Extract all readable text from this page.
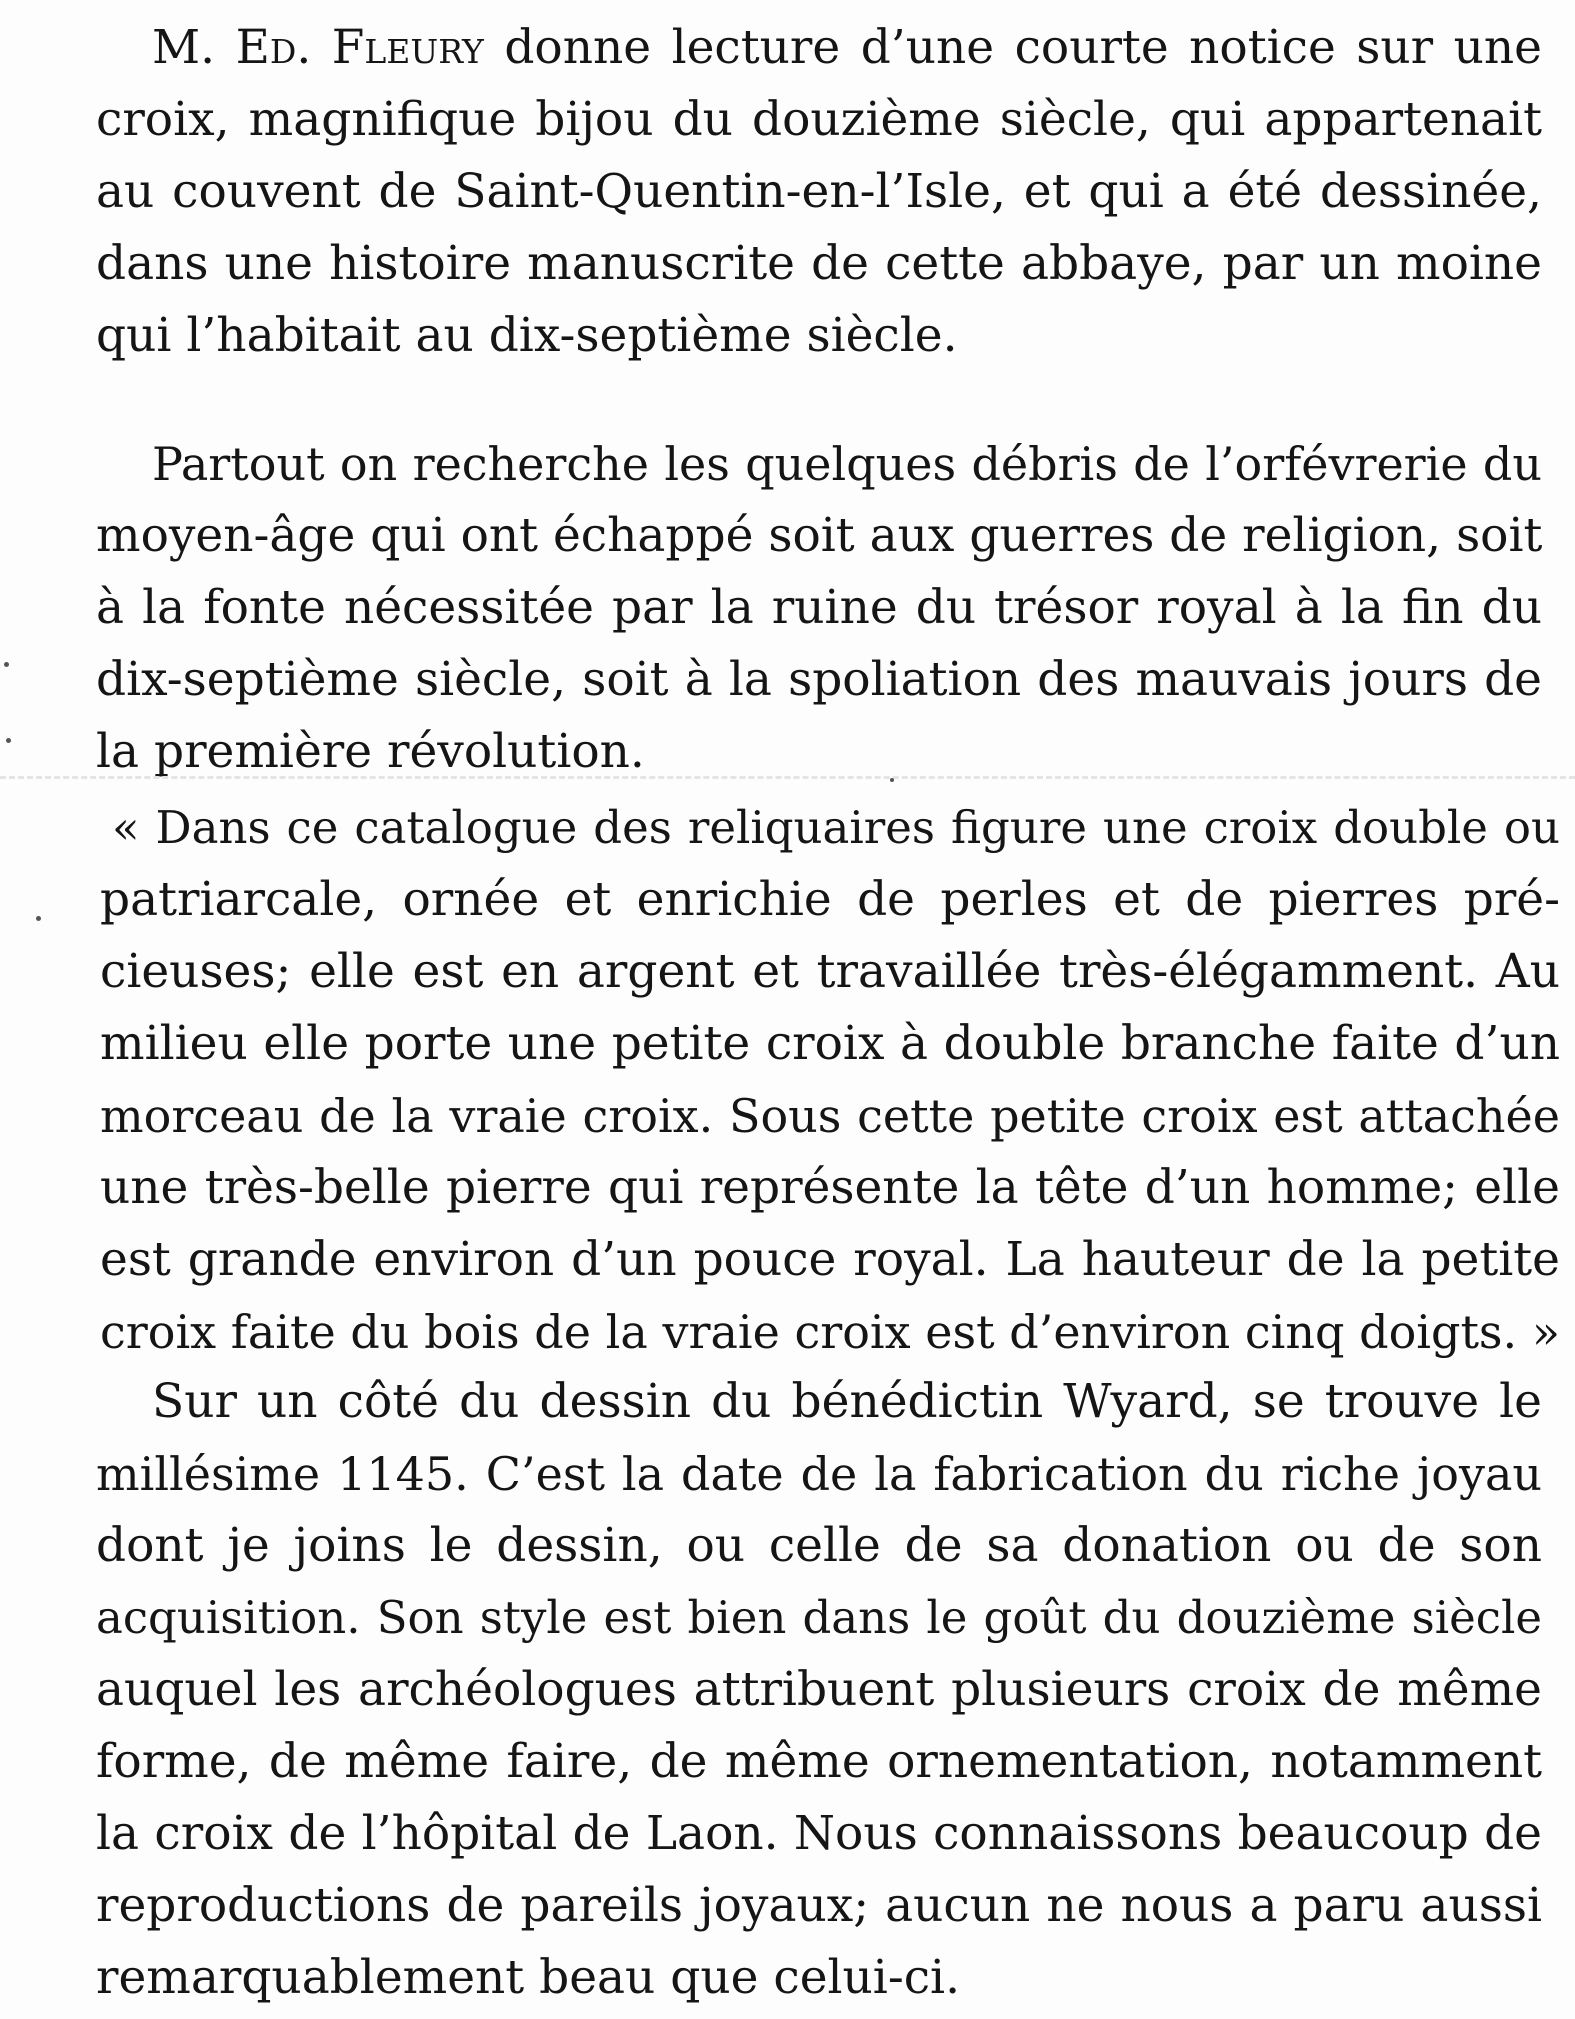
M. Ed. Fleury donne lecture d’une courte notice sur une
croix, magnifique bijou du douzième siècle, qui appartenait
au couvent de Saint-Quentin-en-l’Isle, et qui a été dessinée,
dans une histoire manuscrite de cette abbaye, par un moine
qui l’habitait au dix-septième siècle.
Partout on recherche les quelques débris de l’orfévrerie du
moyen-âge qui ont échappé soit aux guerres de religion, soit
à la fonte nécessitée par la ruine du trésor royal à la fin du
dix-septième siècle, soit à la spoliation des mauvais jours de
la première révolution.
« Dans ce catalogue des reliquaires figure une croix double ou
patriarcale, ornée et enrichie de perles et de pierres pré-
cieuses; elle est en argent et travaillée très-élégamment. Au
milieu elle porte une petite croix à double branche faite d’un
morceau de la vraie croix. Sous cette petite croix est attachée
une très-belle pierre qui représente la tête d’un homme; elle
est grande environ d’un pouce royal. La hauteur de la petite
croix faite du bois de la vraie croix est d’environ cinq doigts. »
Sur un côté du dessin du bénédictin Wyard, se trouve le
millésime 1145. C’est la date de la fabrication du riche joyau
dont je joins le dessin, ou celle de sa donation ou de son
acquisition. Son style est bien dans le goût du douzième siècle
auquel les archéologues attribuent plusieurs croix de même
forme, de même faire, de même ornementation, notamment
la croix de l’hôpital de Laon. Nous connaissons beaucoup de
reproductions de pareils joyaux; aucun ne nous a paru aussi
remarquablement beau que celui-ci.
